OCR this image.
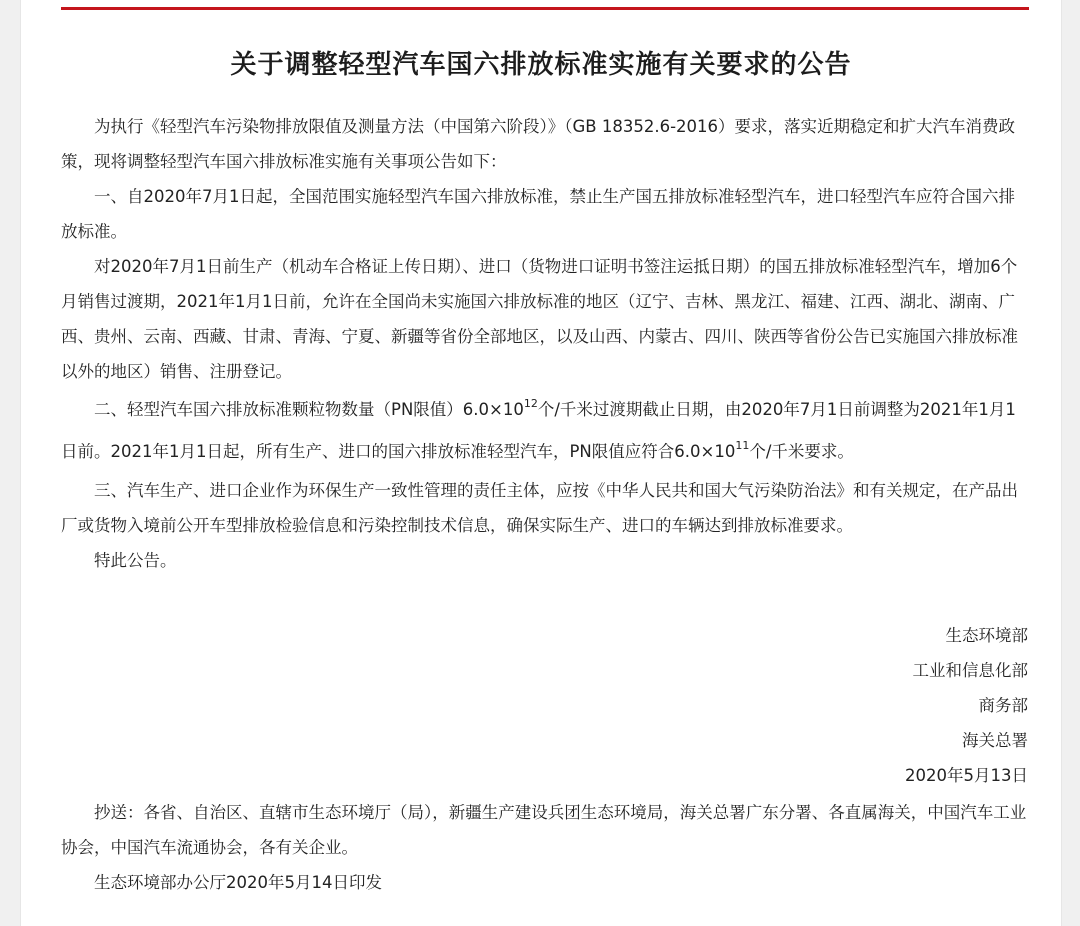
关于调整轻型汽车国六排放标准实施有关要求的公告

为执行《轻型汽车污染物排放限值及测量方法（中国第六阶段）》（GB 18352.6-2016）要求，落实近期稳定和扩大汽车消费政策，现将调整轻型汽车国六排放标准实施有关事项公告如下：

一、自2020年7月1日起，全国范围实施轻型汽车国六排放标准，禁止生产国五排放标准轻型汽车，进口轻型汽车应符合国六排放标准。

对2020年7月1日前生产（机动车合格证上传日期）、进口（货物进口证明书签注运抵日期）的国五排放标准轻型汽车，增加6个月销售过渡期，2021年1月1日前，允许在全国尚未实施国六排放标准的地区（辽宁、吉林、黑龙江、福建、江西、湖北、湖南、广西、贵州、云南、西藏、甘肃、青海、宁夏、新疆等省份全部地区，以及山西、内蒙古、四川、陕西等省份公告已实施国六排放标准以外的地区）销售、注册登记。

二、轻型汽车国六排放标准颗粒物数量（PN限值）$6.0\times 10^{12}$个/千米过渡期截止日期，由2020年7月1日前调整为2021年1月1日前。2021年1月1日起，所有生产、进口的国六排放标准轻型汽车，PN限值应符合$6.0\times 10^{11}$个/千米要求。

三、汽车生产、进口企业作为环保生产一致性管理的责任主体，应按《中华人民共和国大气污染防治法》和有关规定，在产品出厂或货物入境前公开车型排放检验信息和污染控制技术信息，确保实际生产、进口的车辆达到排放标准要求。

特此公告。

生态环境部
工业和信息化部
商务部
海关总署
2020年5月13日

抄送：各省、自治区、直辖市生态环境厅（局），新疆生产建设兵团生态环境局，海关总署广东分署、各直属海关，中国汽车工业协会，中国汽车流通协会，各有关企业。

生态环境部办公厅2020年5月14日印发
